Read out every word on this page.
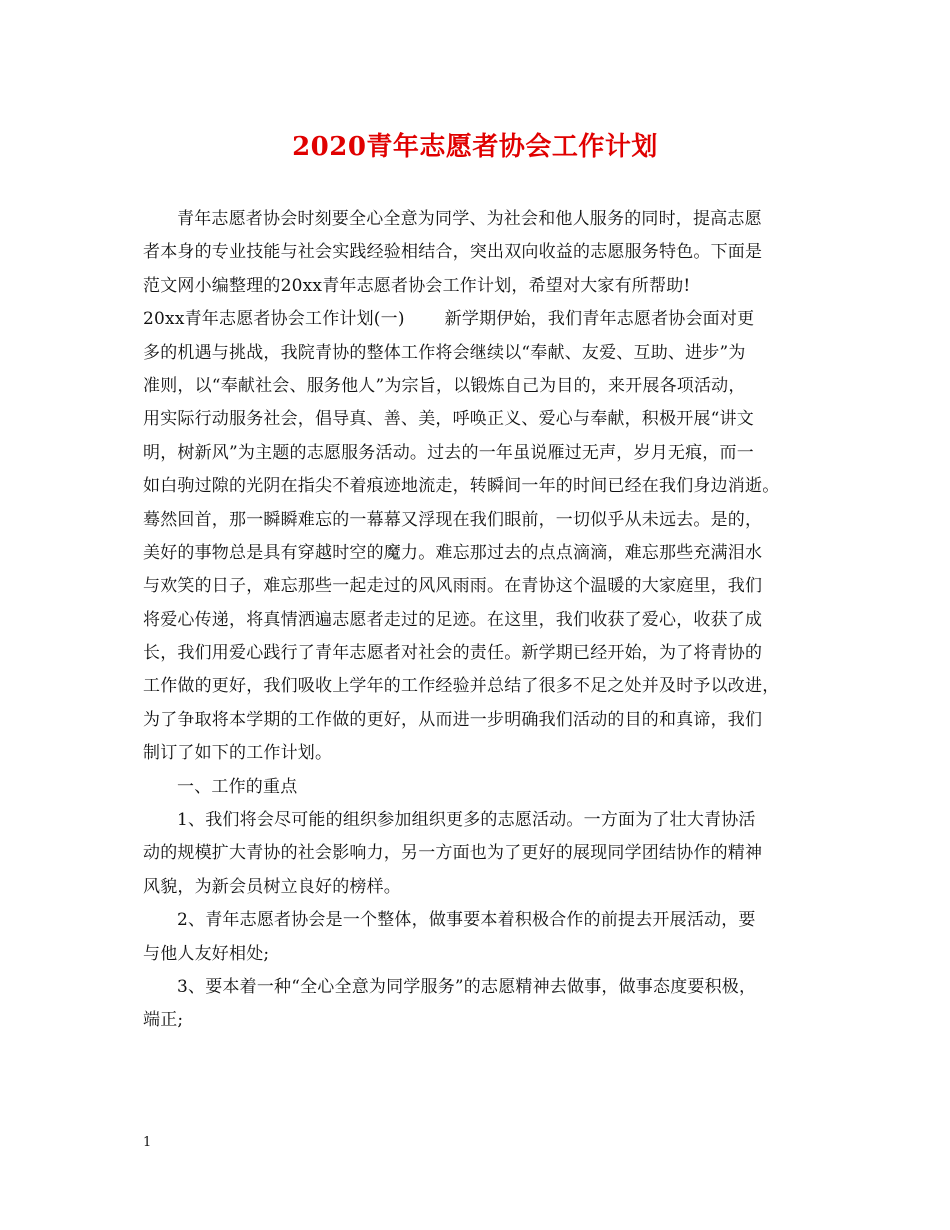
2020青年志愿者协会工作计划
青年志愿者协会时刻要全心全意为同学、为社会和他人服务的同时，提高志愿
者本身的专业技能与社会实践经验相结合，突出双向收益的志愿服务特色。下面是
范文网小编整理的20xx青年志愿者协会工作计划，希望对大家有所帮助!
20xx青年志愿者协会工作计划(一)　　 新学期伊始，我们青年志愿者协会面对更
多的机遇与挑战，我院青协的整体工作将会继续以“奉献、友爱、互助、进步”为
准则，以“奉献社会、服务他人”为宗旨，以锻炼自己为目的，来开展各项活动，
用实际行动服务社会，倡导真、善、美，呼唤正义、爱心与奉献，积极开展“讲文
明，树新风”为主题的志愿服务活动。过去的一年虽说雁过无声，岁月无痕，而一
如白驹过隙的光阴在指尖不着痕迹地流走，转瞬间一年的时间已经在我们身边消逝。
蓦然回首，那一瞬瞬难忘的一幕幕又浮现在我们眼前，一切似乎从未远去。是的，
美好的事物总是具有穿越时空的魔力。难忘那过去的点点滴滴，难忘那些充满泪水
与欢笑的日子，难忘那些一起走过的风风雨雨。在青协这个温暖的大家庭里，我们
将爱心传递，将真情洒遍志愿者走过的足迹。在这里，我们收获了爱心，收获了成
长，我们用爱心践行了青年志愿者对社会的责任。新学期已经开始，为了将青协的
工作做的更好，我们吸收上学年的工作经验并总结了很多不足之处并及时予以改进，
为了争取将本学期的工作做的更好，从而进一步明确我们活动的目的和真谛，我们
制订了如下的工作计划。
一、工作的重点
1、我们将会尽可能的组织参加组织更多的志愿活动。一方面为了壮大青协活
动的规模扩大青协的社会影响力，另一方面也为了更好的展现同学团结协作的精神
风貌，为新会员树立良好的榜样。
2、青年志愿者协会是一个整体，做事要本着积极合作的前提去开展活动，要
与他人友好相处;
3、要本着一种“全心全意为同学服务”的志愿精神去做事，做事态度要积极，
端正;
1
